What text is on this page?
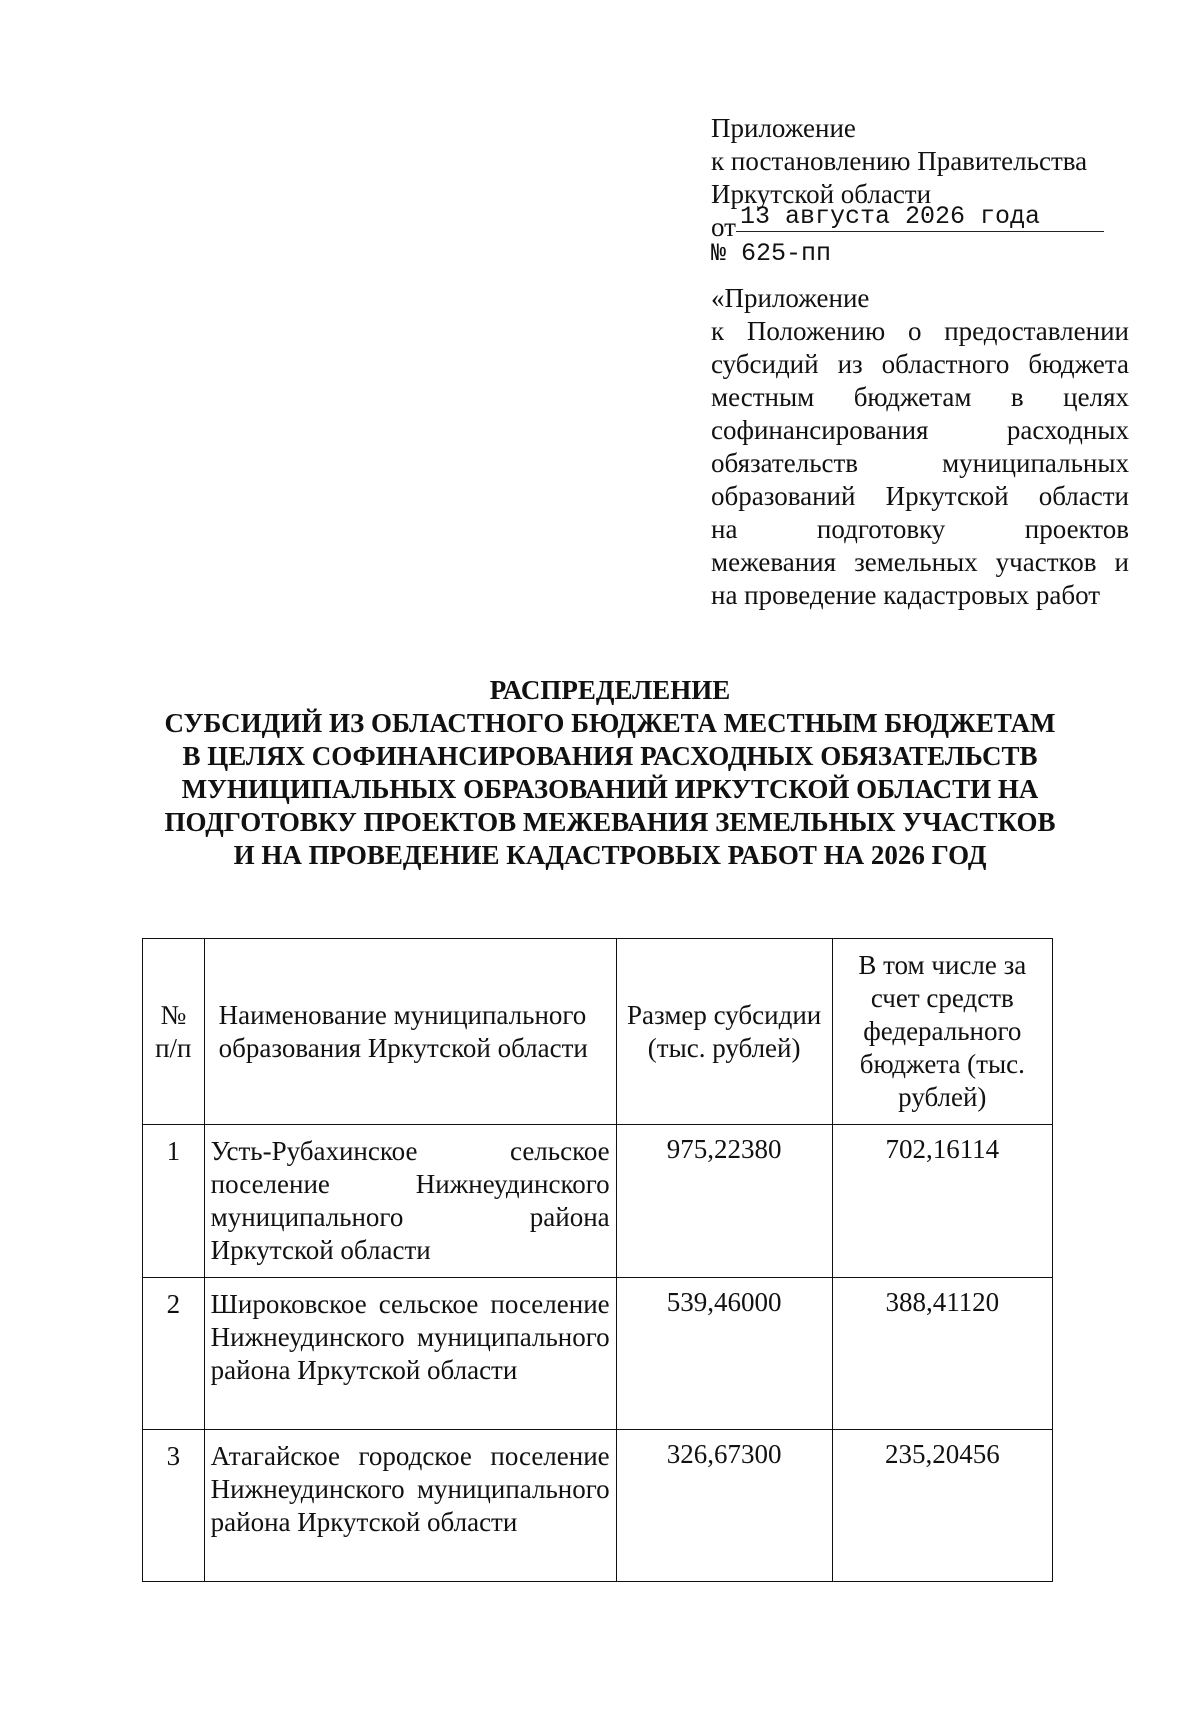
Приложение
к постановлению Правительства
Иркутской области
от 13 августа 2026 года
№ 625-пп
«Приложение
к Положению о предоставлении
субсидий из областного бюджета
местным бюджетам в целях
софинансирования расходных
обязательств муниципальных
образований Иркутской области
на подготовку проектов
межевания земельных участков и
на проведение кадастровых работ
РАСПРЕДЕЛЕНИЕ
СУБСИДИЙ ИЗ ОБЛАСТНОГО БЮДЖЕТА МЕСТНЫМ БЮДЖЕТАМ
В ЦЕЛЯХ СОФИНАНСИРОВАНИЯ РАСХОДНЫХ ОБЯЗАТЕЛЬСТВ
МУНИЦИПАЛЬНЫХ ОБРАЗОВАНИЙ ИРКУТСКОЙ ОБЛАСТИ НА
ПОДГОТОВКУ ПРОЕКТОВ МЕЖЕВАНИЯ ЗЕМЕЛЬНЫХ УЧАСТКОВ
И НА ПРОВЕДЕНИЕ КАДАСТРОВЫХ РАБОТ НА 2026 ГОД
№ п/п	Наименование муниципального образования Иркутской области	Размер субсидии (тыс. рублей)	В том числе за счет средств федерального бюджета (тыс. рублей)
1	Усть-Рубахинское сельское поселение Нижнеудинского муниципального района Иркутской области	975,22380	702,16114
2	Широковское сельское поселение Нижнеудинского муниципального района Иркутской области	539,46000	388,41120
3	Атагайское городское поселение Нижнеудинского муниципального района Иркутской области	326,67300	235,20456
